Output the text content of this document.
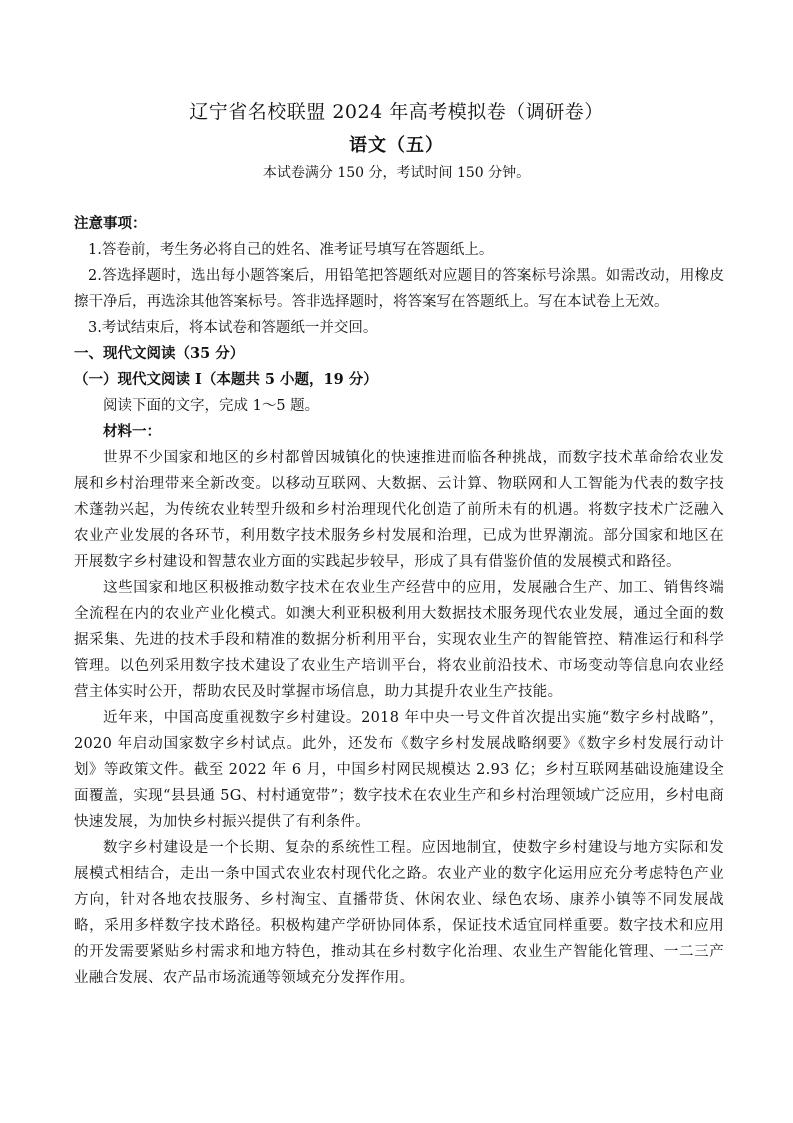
辽宁省名校联盟 2024 年高考模拟卷（调研卷）
语文（五）
本试卷满分 150 分，考试时间 150 分钟。
注意事项：

1.答卷前，考生务必将自己的姓名、准考证号填写在答题纸上。

2.答选择题时，选出每小题答案后，用铅笔把答题纸对应题目的答案标号涂黑。如需改动，用橡皮擦干净后，再选涂其他答案标号。答非选择题时，将答案写在答题纸上。写在本试卷上无效。

3.考试结束后，将本试卷和答题纸一并交回。

一、现代文阅读（35 分）
（一）现代文阅读 I（本题共 5 小题，19 分）
阅读下面的文字，完成 1～5 题。
材料一：

世界不少国家和地区的乡村都曾因城镇化的快速推进而临各种挑战，而数字技术革命给农业发展和乡村治理带来全新改变。以移动互联网、大数据、云计算、物联网和人工智能为代表的数字技术蓬勃兴起，为传统农业转型升级和乡村治理现代化创造了前所未有的机遇。将数字技术广泛融入农业产业发展的各环节，利用数字技术服务乡村发展和治理，已成为世界潮流。部分国家和地区在开展数字乡村建设和智慧农业方面的实践起步较早，形成了具有借鉴价值的发展模式和路径。

这些国家和地区积极推动数字技术在农业生产经营中的应用，发展融合生产、加工、销售终端全流程在内的农业产业化模式。如澳大利亚积极利用大数据技术服务现代农业发展，通过全面的数据采集、先进的技术手段和精准的数据分析利用平台，实现农业生产的智能管控、精准运行和科学管理。以色列采用数字技术建设了农业生产培训平台，将农业前沿技术、市场变动等信息向农业经营主体实时公开，帮助农民及时掌握市场信息，助力其提升农业生产技能。

近年来，中国高度重视数字乡村建设。2018 年中央一号文件首次提出实施“数字乡村战略”，2020 年启动国家数字乡村试点。此外，还发布《数字乡村发展战略纲要》《数字乡村发展行动计划》等政策文件。截至 2022 年 6 月，中国乡村网民规模达 2.93 亿；乡村互联网基础设施建设全面覆盖，实现“县县通 5G、村村通宽带”；数字技术在农业生产和乡村治理领域广泛应用，乡村电商快速发展，为加快乡村振兴提供了有利条件。

数字乡村建设是一个长期、复杂的系统性工程。应因地制宜，使数字乡村建设与地方实际和发展模式相结合，走出一条中国式农业农村现代化之路。农业产业的数字化运用应充分考虑特色产业方向，针对各地农技服务、乡村淘宝、直播带货、休闲农业、绿色农场、康养小镇等不同发展战略，采用多样数字技术路径。积极构建产学研协同体系，保证技术适宜同样重要。数字技术和应用的开发需要紧贴乡村需求和地方特色，推动其在乡村数字化治理、农业生产智能化管理、一二三产业融合发展、农产品市场流通等领域充分发挥作用。
